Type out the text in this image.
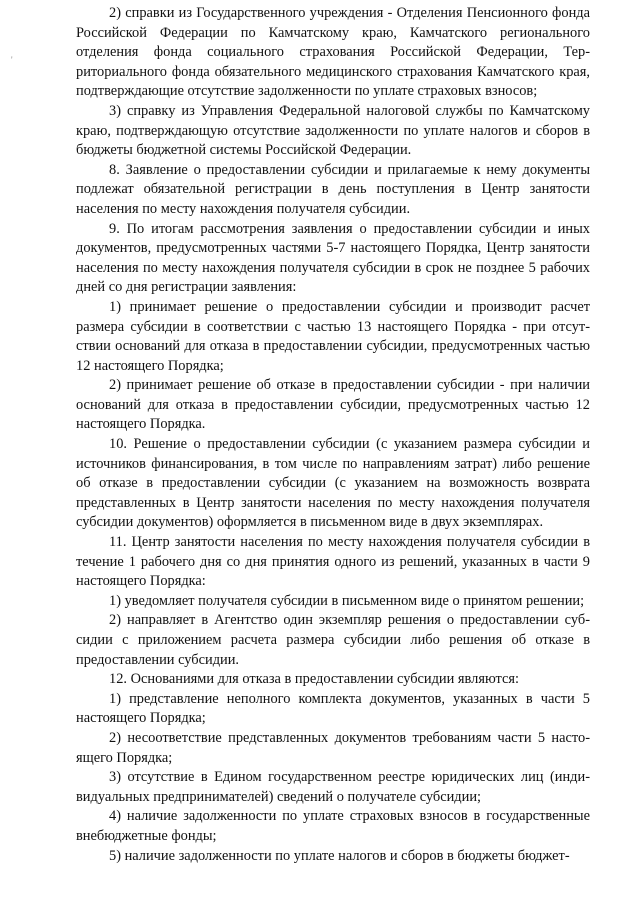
'

2) справки из Государственного учреждения - Отделения Пенсионного фонда Российской Федерации по Камчатскому краю, Камчатского регионального отделения фонда социального страхования Российской Федерации, Территориального фонда обязательного медицинского страхования Камчатского края, подтверждающие отсутствие задолженности по уплате страховых взносов;

3) справку из Управления Федеральной налоговой службы по Камчатскому краю, подтверждающую отсутствие задолженности по уплате налогов и сборов в бюджеты бюджетной системы Российской Федерации.

8. Заявление о предоставлении субсидии и прилагаемые к нему документы подлежат обязательной регистрации в день поступления в Центр занятости населения по месту нахождения получателя субсидии.

9. По итогам рассмотрения заявления о предоставлении субсидии и иных документов, предусмотренных частями 5-7 настоящего Порядка, Центр занятости населения по месту нахождения получателя субсидии в срок не позднее 5 рабочих дней со дня регистрации заявления:

1) принимает решение о предоставлении субсидии и производит расчет размера субсидии в соответствии с частью 13 настоящего Порядка - при отсутствии оснований для отказа в предоставлении субсидии, предусмотренных частью 12 настоящего Порядка;

2) принимает решение об отказе в предоставлении субсидии - при наличии оснований для отказа в предоставлении субсидии, предусмотренных частью 12 настоящего Порядка.

10. Решение о предоставлении субсидии (с указанием размера субсидии и источников финансирования, в том числе по направлениям затрат) либо решение об отказе в предоставлении субсидии (с указанием на возможность возврата представленных в Центр занятости населения по месту нахождения получателя субсидии документов) оформляется в письменном виде в двух экземплярах.

11. Центр занятости населения по месту нахождения получателя субсидии в течение 1 рабочего дня со дня принятия одного из решений, указанных в части 9 настоящего Порядка:

1) уведомляет получателя субсидии в письменном виде о принятом решении;

2) направляет в Агентство один экземпляр решения о предоставлении субсидии с приложением расчета размера субсидии либо решения об отказе в предоставлении субсидии.

12. Основаниями для отказа в предоставлении субсидии являются:

1) представление неполного комплекта документов, указанных в части 5 настоящего Порядка;

2) несоответствие представленных документов требованиям части 5 настоящего Порядка;

3) отсутствие в Едином государственном реестре юридических лиц (индивидуальных предпринимателей) сведений о получателе субсидии;

4) наличие задолженности по уплате страховых взносов в государственные внебюджетные фонды;

5) наличие задолженности по уплате налогов и сборов в бюджеты бюджет-
